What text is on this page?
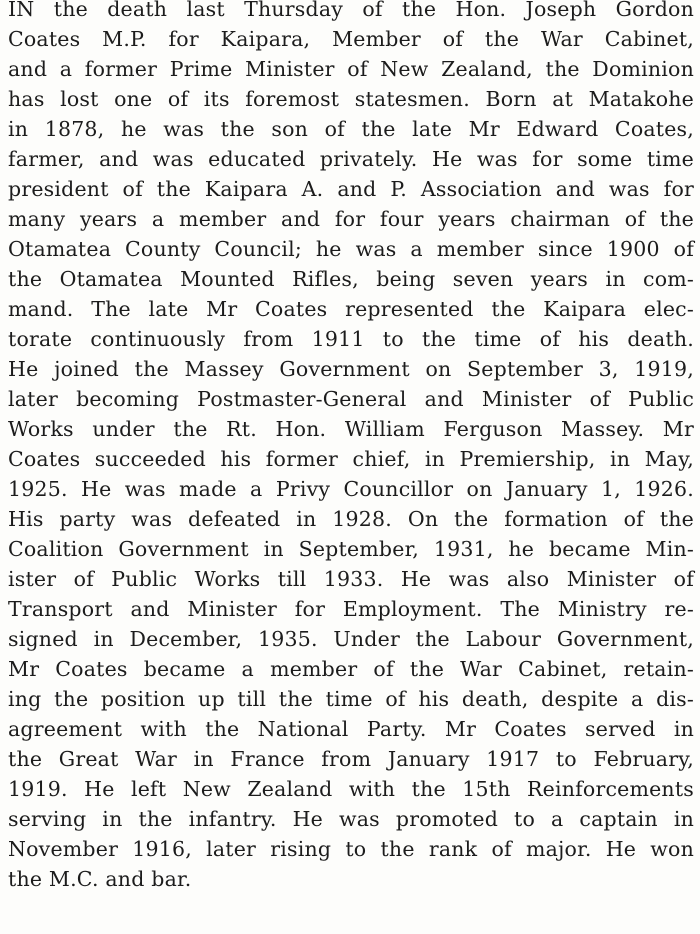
IN the death last Thursday of the Hon. Joseph Gordon
Coates M.P. for Kaipara, Member of the War Cabinet,
and a former Prime Minister of New Zealand, the Dominion
has lost one of its foremost statesmen. Born at Matakohe
in 1878, he was the son of the late Mr Edward Coates,
farmer, and was educated privately. He was for some time
president of the Kaipara A. and P. Association and was for
many years a member and for four years chairman of the
Otamatea County Council; he was a member since 1900 of
the Otamatea Mounted Rifles, being seven years in com-
mand. The late Mr Coates represented the Kaipara elec-
torate continuously from 1911 to the time of his death.
He joined the Massey Government on September 3, 1919,
later becoming Postmaster-General and Minister of Public
Works under the Rt. Hon. William Ferguson Massey. Mr
Coates succeeded his former chief, in Premiership, in May,
1925. He was made a Privy Councillor on January 1, 1926.
His party was defeated in 1928. On the formation of the
Coalition Government in September, 1931, he became Min-
ister of Public Works till 1933. He was also Minister of
Transport and Minister for Employment. The Ministry re-
signed in December, 1935. Under the Labour Government,
Mr Coates became a member of the War Cabinet, retain-
ing the position up till the time of his death, despite a dis-
agreement with the National Party. Mr Coates served in
the Great War in France from January 1917 to February,
1919. He left New Zealand with the 15th Reinforcements
serving in the infantry. He was promoted to a captain in
November 1916, later rising to the rank of major. He won
the M.C. and bar.
